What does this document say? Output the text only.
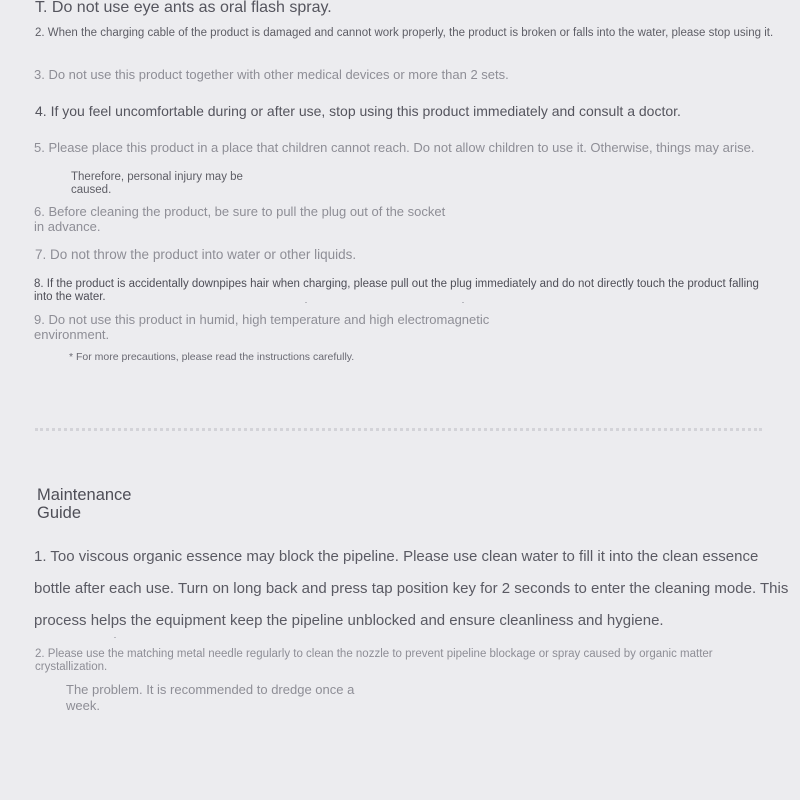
T. Do not use eye ants as oral flash spray.

2. When the charging cable of the product is damaged and cannot work properly, the product is broken or falls into the water, please stop using it.

3. Do not use this product together with other medical devices or more than 2 sets.

4. If you feel uncomfortable during or after use, stop using this product immediately and consult a doctor.

5. Please place this product in a place that children cannot reach. Do not allow children to use it. Otherwise, things may arise.

Therefore, personal injury may be caused.

6. Before cleaning the product, be sure to pull the plug out of the socket in advance.

7. Do not throw the product into water or other liquids.

8. If the product is accidentally downpipes hair when charging, please pull out the plug immediately and do not directly touch the product falling into the water.

9. Do not use this product in humid, high temperature and high electromagnetic environment.

* For more precautions, please read the instructions carefully.

Maintenance Guide

1. Too viscous organic essence may block the pipeline. Please use clean water to fill it into the clean essence bottle after each use. Turn on long back and press tap position key for 2 seconds to enter the cleaning mode. This process helps the equipment keep the pipeline unblocked and ensure cleanliness and hygiene.

2. Please use the matching metal needle regularly to clean the nozzle to prevent pipeline blockage or spray caused by organic matter crystallization.

The problem. It is recommended to dredge once a week.
